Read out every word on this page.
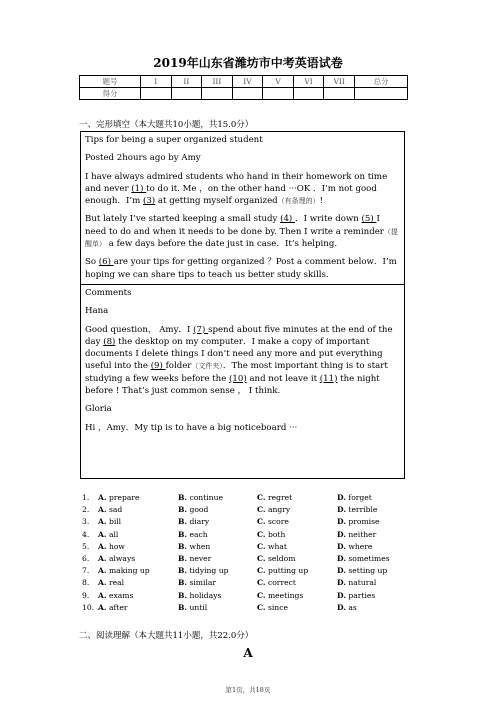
2019年山东省潍坊市中考英语试卷
题号	I	II	III	IV	V	VI	VII	总分
得分								
一、完形填空（本大题共10小题，共15.0分）

Tips for being a super organized student

Posted 2hours ago by Amy

I have always admired students who hand in their homework on time and never (1) to do it. Me ，on the other hand ···OK ．I’m not good enough．I’m (3) at getting myself organized（有条理的）!

But lately I’ve started keeping a small study (4) ．I write down (5) I need to do and when it needs to be done by. Then I write a reminder（提醒单） a few days before the date just in case．It’s helping.

So (6) are your tips for getting organized ？Post a comment below．I’m hoping we can share tips to teach us better study skills.

Comments

Hana

Good question， Amy．I (7) spend about five minutes at the end of the day (8) the desktop on my computer．I make a copy of important documents I delete things I don’t need any more and put everything useful into the (9) folder（文件夹）．The most important thing is to start studying a few weeks before the (10) and not leave it (11) the night before ! That’s just common sense ， I think.

Gloria

Hi ，Amy．My tip is to have a big noticeboard ···

1. A. prepare	B. continue	C. regret	D. forget
2. A. sad	B. good	C. angry	D. terrible
3. A. bill	B. diary	C. score	D. promise
4. A. all	B. each	C. both	D. neither
5. A. how	B. when	C. what	D. where
6. A. always	B. never	C. seldom	D. sometimes
7. A. making up	B. tidying up	C. putting up	D. setting up
8. A. real	B. similar	C. correct	D. natural
9. A. exams	B. holidays	C. meetings	D. parties
10. A. after	B. until	C. since	D. as
二、阅读理解（本大题共11小题，共22.0分）
A
第1页，共18页
